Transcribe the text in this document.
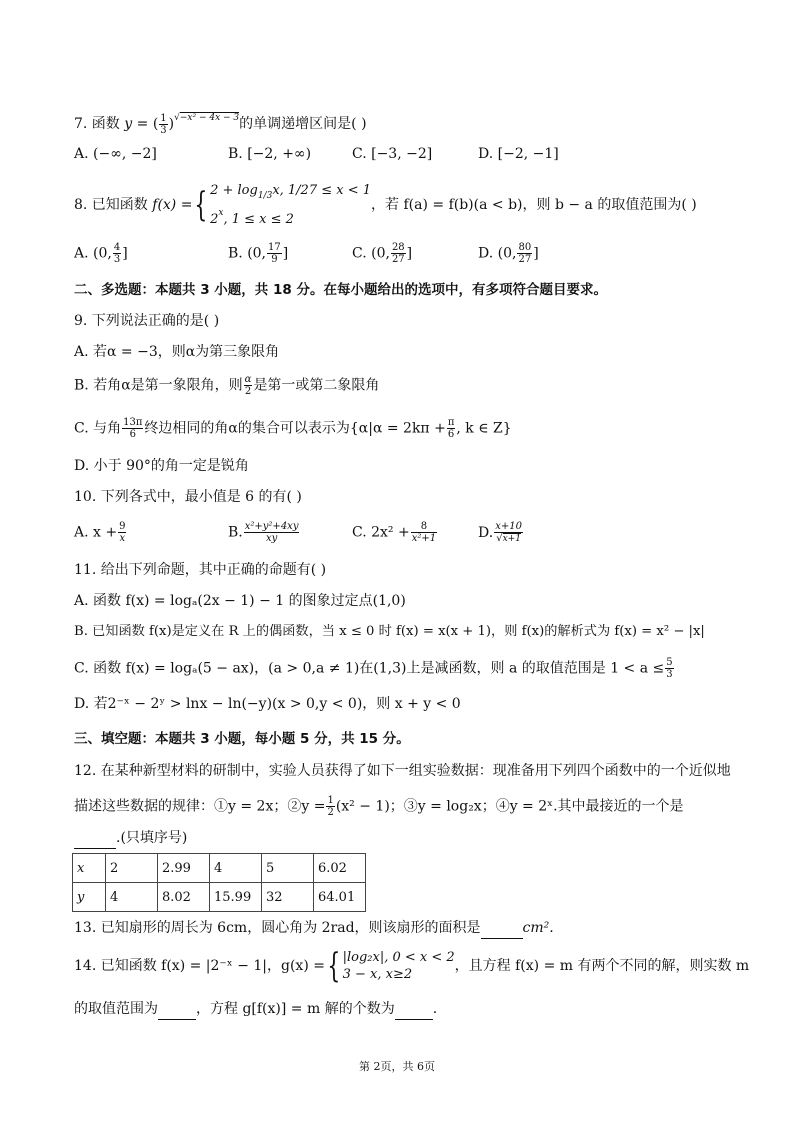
7. 函数 y = ( $\frac{1}{3} )^{√-x^2 - 4x - 3}$的单调递增区间是( )
A. (−∞, −2]	B. [−2, +∞)	C. [−3, −2]	D. [−2, −1]
8. 已知函数 f(x) ={ $2 + \log_{1/3}x$, 1/27 ≤ x < 1
2$^x$, 1 ≤ x ≤ 2
，若 f(a) = f(b)(a < b)，则 b − a 的取值范围为( )
A. (0, $\frac{4}{3}$ ]	B. (0, $\frac{17}{9}$ ]	C. (0, $\frac{28}{27}$ ]	D. (0, $\frac{80}{27}$ ]
二、多选题：本题共 3 小题，共 18 分。在每小题给出的选项中，有多项符合题目要求。
9. 下列说法正确的是( )
A. 若α = −3，则α为第三象限角
B. 若角α是第一象限角，则 $\frac{\alpha}{2}$ 是第一或第二象限角
C. 与角 $\frac{13\pi}{6}$ 终边相同的角α的集合可以表示为{$\alpha|\alpha = 2k\pi + \frac{\pi}{6}$ , k ∈ Z}
D. 小于 90°的角一定是锐角
10. 下列各式中，最小值是 6 的有( )
A. $x + \frac{9}{x}$	B. $\frac{\text{x²+y²+4xy}}{xy}$	C. $2x^2 + \frac{8}{\text{x²+1}}$	D. $\frac{x+10}{√x+1}$
11. 给出下列命题，其中正确的命题有( )
A. 函数 f(x) = logₐ(2x − 1) − 1 的图象过定点(1,0)
B. 已知函数 f(x)是定义在 R 上的偶函数，当 x ≤ 0 时 f(x) = x(x + 1)，则 f(x)的解析式为 f(x) = x² − |x|
C. 函数 f(x) = logₐ(5 − ax)，(a > 0,a ≠ 1)在(1,3)上是减函数，则 a 的取值范围是 $1 < a \le \frac{5}{3}$
D. 若2⁻ˣ − 2ʸ > lnx − ln(−y)(x > 0,y < 0)，则 x + y < 0
三、填空题：本题共 3 小题，每小题 5 分，共 15 分。
12. 在某种新型材料的研制中，实验人员获得了如下一组实验数据：现准备用下列四个函数中的一个近似地
描述这些数据的规律：①y = 2x；②y = $\frac{1}{2} (x^2 - 1)$；③y = log₂x；④y = 2ˣ.其中最接近的一个是
.(只填序号)
x	2	2.99	4	5	6.02
y	4	8.02	15.99	32	64.01
13. 已知扇形的周长为 6cm，圆心角为 2rad，则该扇形的面积是	cm².
14. 已知函数 f(x) = |2⁻ˣ − 1|，g(x) ={ |log₂x|, 0 < x < 2
3 − x, x≥2
，且方程 f(x) = m 有两个不同的解，则实数 m
的取值范围为	，方程 g[f(x)] = m 解的个数为	.
第 2页，共 6页
